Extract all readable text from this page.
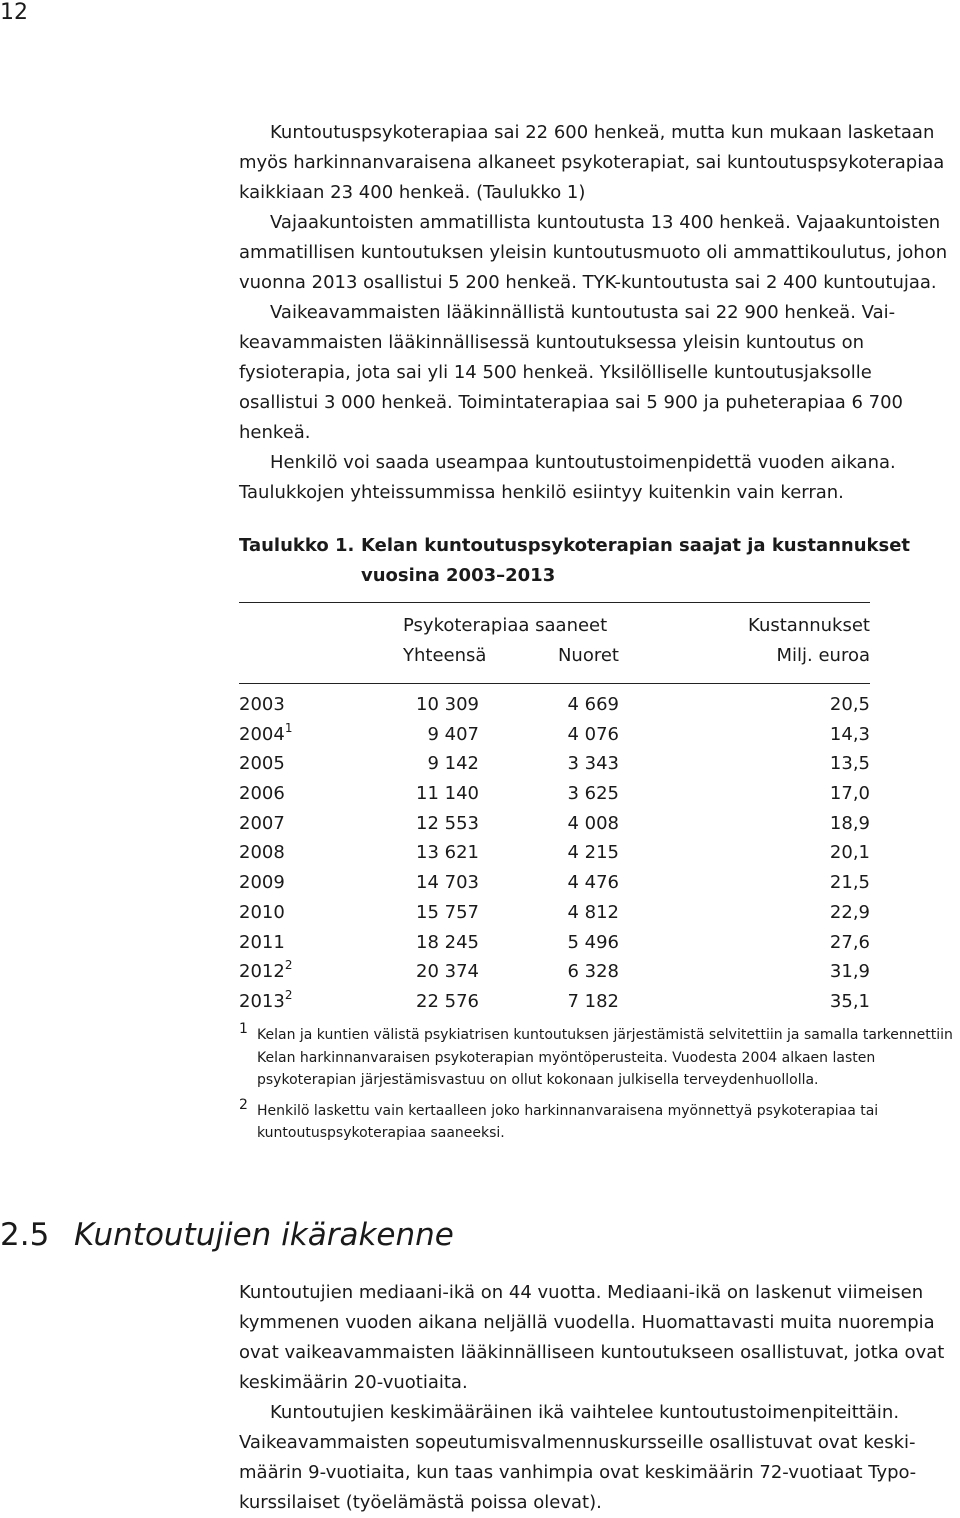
12

Kuntoutuspsykoterapiaa sai 22 600 henkeä, mutta kun mukaan lasketaan myös harkinnanvaraisena alkaneet psykoterapiat, sai kuntoutuspsykoterapiaa kaikkiaan 23 400 henkeä. (Taulukko 1)

Vajaakuntoisten ammatillista kuntoutusta 13 400 henkeä. Vajaakuntoisten ammatillisen kuntoutuksen yleisin kuntoutusmuoto oli ammattikoulutus, johon vuonna 2013 osallistui 5 200 henkeä. TYK-kuntoutusta sai 2 400 kuntoutujaa.

Vaikeavammaisten lääkinnällistä kuntoutusta sai 22 900 henkeä. Vaikeavammaisten lääkinnällisessä kuntoutuksessa yleisin kuntoutus on fysioterapia, jota sai yli 14 500 henkeä. Yksilölliselle kuntoutusjaksolle osallistui 3 000 henkeä. Toimintaterapiaa sai 5 900 ja puheterapiaa 6 700 henkeä.

Henkilö voi saada useampaa kuntoutustoimenpidettä vuoden aikana. Taulukkojen yhteissummissa henkilö esiintyy kuitenkin vain kerran.

Taulukko 1. Kelan kuntoutuspsykoterapian saajat ja kustannukset vuosina 2003–2013
Psykoterapiaa saaneet	Kustannukset
Yhteensä	Nuoret	Milj. euroa
2003	10 309	4 669	20,5
2004$^1$	9 407	4 076	14,3
2005	9 142	3 343	13,5
2006	11 140	3 625	17,0
2007	12 553	4 008	18,9
2008	13 621	4 215	20,1
2009	14 703	4 476	21,5
2010	15 757	4 812	22,9
2011	18 245	5 496	27,6
2012$^2$	20 374	6 328	31,9
2013$^2$	22 576	7 182	35,1
1 Kelan ja kuntien välistä psykiatrisen kuntoutuksen järjestämistä selvitettiin ja samalla tarkennettiin Kelan harkinnanvaraisen psykoterapian myöntöperusteita. Vuodesta 2004 alkaen lasten psykoterapian järjestämisvastuu on ollut kokonaan julkisella terveydenhuollolla.
2 Henkilö laskettu vain kertaalleen joko harkinnanvaraisena myönnettyä psykoterapiaa tai kuntoutuspsykoterapiaa saaneeksi.
2.5 Kuntoutujien ikärakenne

Kuntoutujien mediaani-ikä on 44 vuotta. Mediaani-ikä on laskenut viimeisen kymmenen vuoden aikana neljällä vuodella. Huomattavasti muita nuorempia ovat vaikeavammaisten lääkinnälliseen kuntoutukseen osallistuvat, jotka ovat keskimäärin 20-vuotiaita.

Kuntoutujien keskimääräinen ikä vaihtelee kuntoutustoimenpiteittäin. Vaikeavammaisten sopeutumisvalmennuskursseille osallistuvat ovat keskimäärin 9-vuotiaita, kun taas vanhimpia ovat keskimäärin 72-vuotiaat Typokurssilaiset (työelämästä poissa olevat).
